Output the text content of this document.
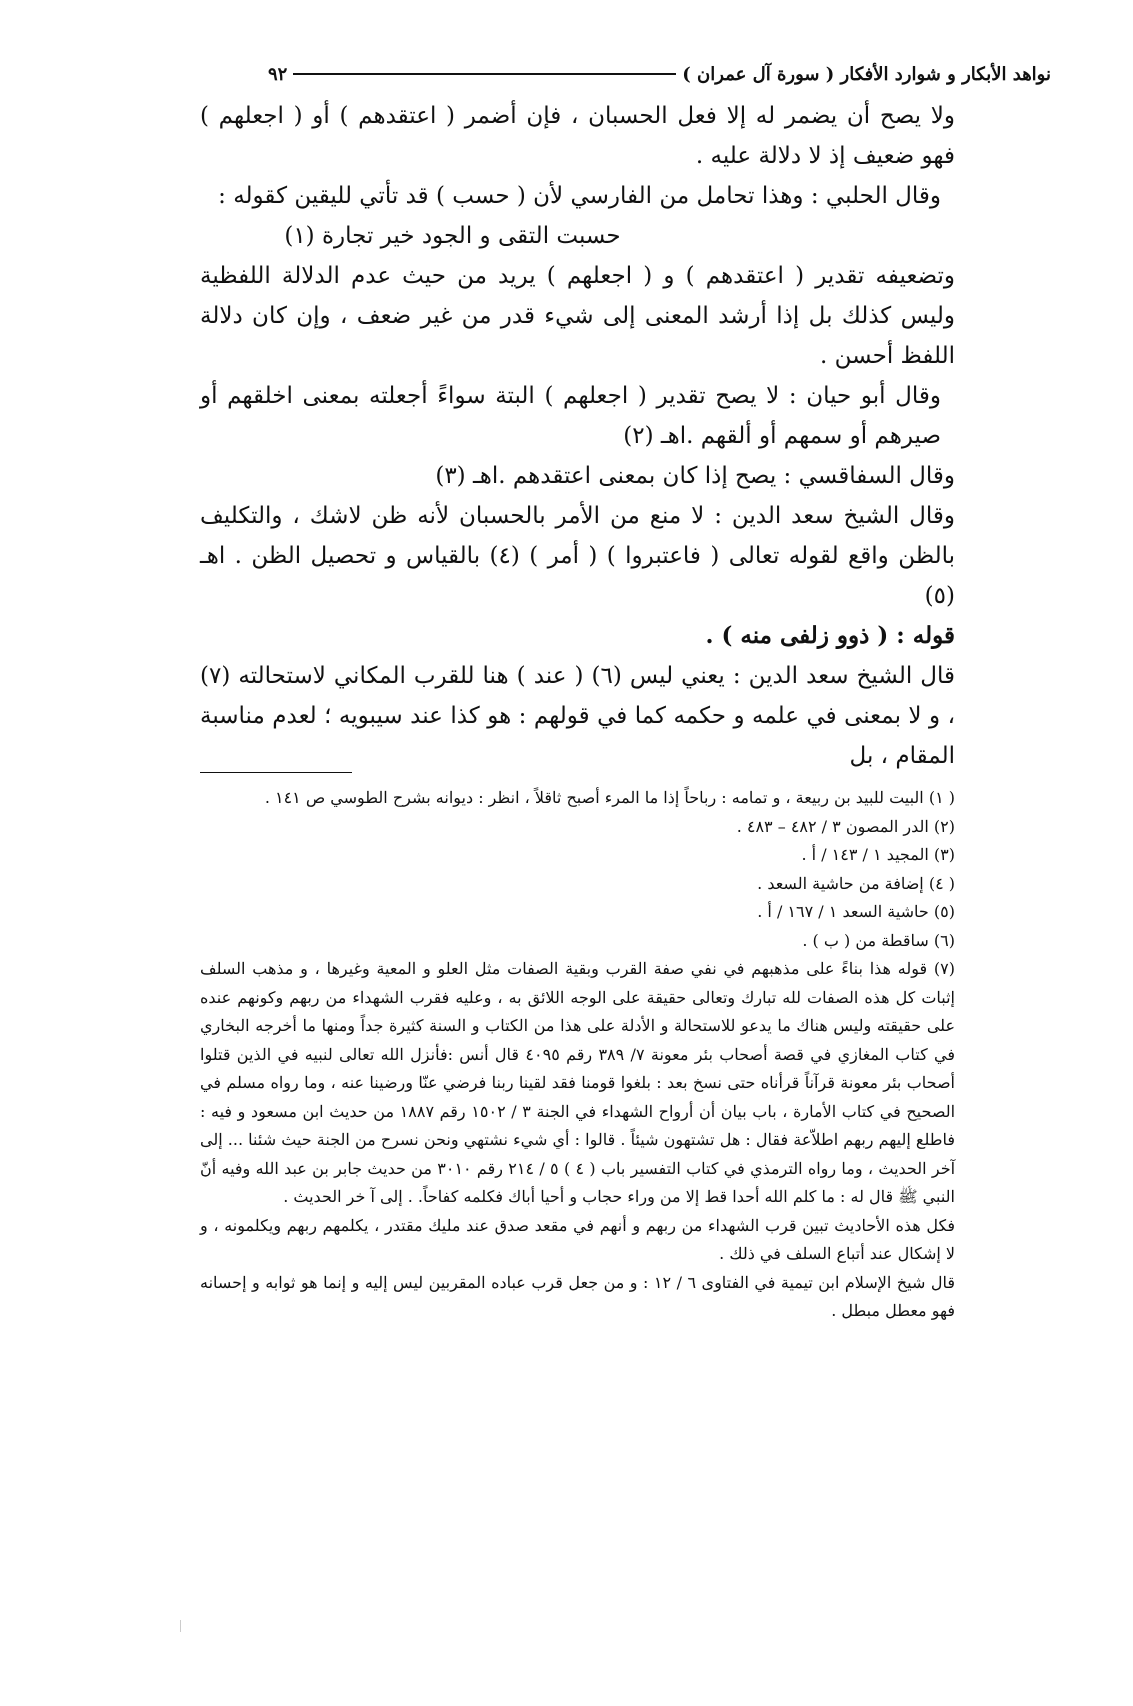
نواهد الأبكار و شوارد الأفكار ( سورة آل عمران )
٩٢

ولا يصح أن يضمر له إلا فعل الحسبان ، فإن أضمر ( اعتقدهم ) أو ( اجعلهم ) فهو ضعيف إذ لا دلالة عليه .

وقال الحلبي : وهذا تحامل من الفارسي لأن ( حسب ) قد تأتي لليقين كقوله :

حسبت التقى و الجود خير تجارة (١)

وتضعيفه تقدير ( اعتقدهم ) و ( اجعلهم ) يريد من حيث عدم الدلالة اللفظية وليس كذلك بل إذا أرشد المعنى إلى شيء قدر من غير ضعف ، وإن كان دلالة اللفظ أحسن .

وقال أبو حيان : لا يصح تقدير ( اجعلهم ) البتة سواءً أجعلته بمعنى اخلقهم أو صيرهم أو سمهم أو ألقهم .اهـ (٢)

وقال السفاقسي : يصح إذا كان بمعنى اعتقدهم .اهـ (٣)

وقال الشيخ سعد الدين : لا منع من الأمر بالحسبان لأنه ظن لاشك ، والتكليف بالظن واقع لقوله تعالى ( فاعتبروا ) ( أمر ) (٤) بالقياس و تحصيل الظن . اهـ (٥)

قوله : ( ذوو زلفى منه ) .

قال الشيخ سعد الدين : يعني ليس (٦) ( عند ) هنا للقرب المكاني لاستحالته (٧) ، و لا بمعنى في علمه و حكمه كما في قولهم : هو كذا عند سيبويه ؛ لعدم مناسبة المقام ، بل

( ١) البيت للبيد بن ربيعة ، و تمامه : رباحاً إذا ما المرء أصبح ثاقلاً ، انظر : ديوانه بشرح الطوسي ص ١٤١ .

(٢) الدر المصون ٣ / ٤٨٢ – ٤٨٣ .

(٣) المجيد ١ / ١٤٣ / أ .

( ٤) إضافة من حاشية السعد .

(٥) حاشية السعد ١ / ١٦٧ / أ .

(٦) ساقطة من ( ب ) .

(٧) قوله هذا بناءً على مذهبهم في نفي صفة القرب وبقية الصفات مثل العلو و المعية وغيرها ، و مذهب السلف إثبات كل هذه الصفات لله تبارك وتعالى حقيقة على الوجه اللائق به ، وعليه فقرب الشهداء من ربهم وكونهم عنده على حقيقته وليس هناك ما يدعو للاستحالة و الأدلة على هذا من الكتاب و السنة كثيرة جداً ومنها ما أخرجه البخاري في كتاب المغازي في قصة أصحاب بئر معونة ٧/ ٣٨٩ رقم ٤٠٩٥ قال أنس :فأنزل الله تعالى لنبيه في الذين قتلوا أصحاب بئر معونة قرآناً قرأناه حتى نسخ بعد : بلغوا قومنا فقد لقينا ربنا فرضي عنّا ورضينا عنه ، وما رواه مسلم في الصحيح في كتاب الأمارة ، باب بيان أن أرواح الشهداء في الجنة ٣ / ١٥٠٢ رقم ١٨٨٧ من حديث ابن مسعود و فيه : فاطلع إليهم ربهم اطلاّعة فقال : هل تشتهون شيئاً . قالوا : أي شيء نشتهي ونحن نسرح من الجنة حيث شئنا ... إلى آخر الحديث ، وما رواه الترمذي في كتاب التفسير باب ( ٤ ) ٥ / ٢١٤ رقم ٣٠١٠ من حديث جابر بن عبد الله وفيه أنّ النبي ﷺ قال له : ما كلم الله أحدا قط إلا من وراء حجاب و أحيا أباك فكلمه كفاحاً. . إلى آ خر الحديث .

فكل هذه الأحاديث تبين قرب الشهداء من ربهم و أنهم في مقعد صدق عند مليك مقتدر ، يكلمهم ربهم ويكلمونه ، و لا إشكال عند أتباع السلف في ذلك .

قال شيخ الإسلام ابن تيمية في الفتاوى ٦ / ١٢ : و من جعل قرب عباده المقربين ليس إليه و إنما هو ثوابه و إحسانه فهو معطل مبطل .
